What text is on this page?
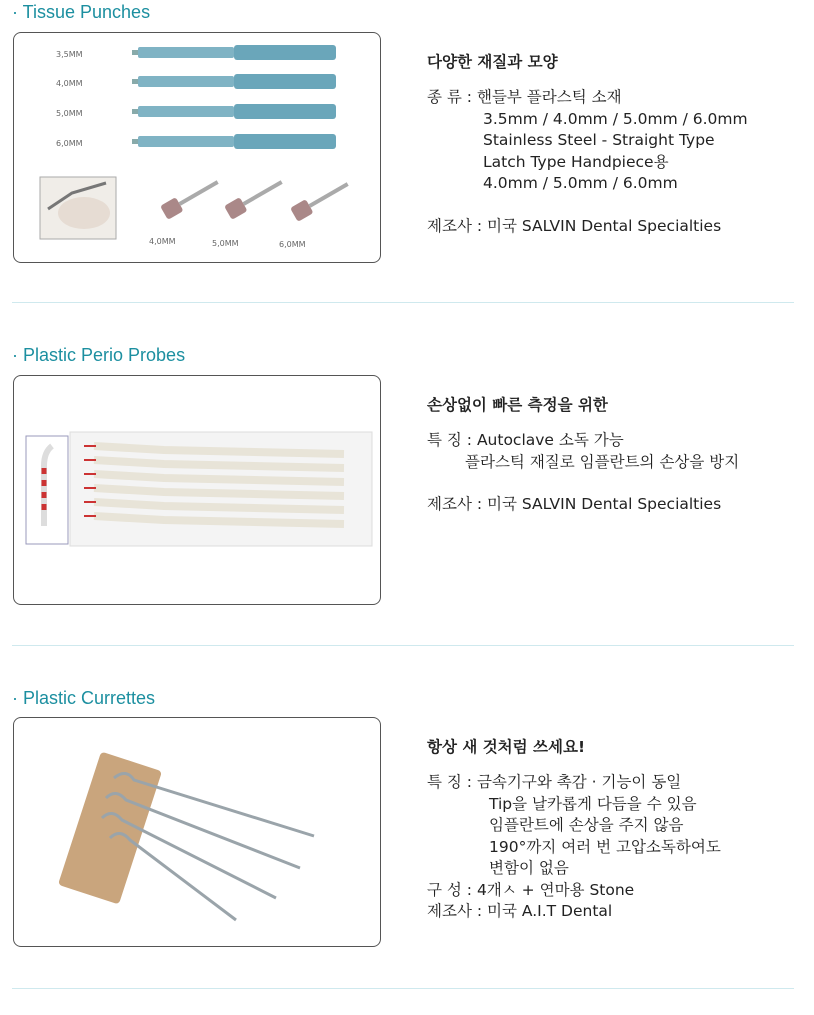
· Tissue Punches
3,5MM
4,0MM
5,0MM
6,0MM
4,0MM	5,0MM	6,0MM

다양한 재질과 모양
종 류 : 핸들부 플라스틱 소재
3.5mm / 4.0mm / 5.0mm / 6.0mm
Stainless Steel - Straight Type
Latch Type Handpiece용
4.0mm / 5.0mm / 6.0mm

제조사 : 미국 SALVIN Dental Specialties
· Plastic Perio Probes

손상없이 빠른 측정을 위한
특 징 : Autoclave 소독 가능
플라스틱 재질로 임플란트의 손상을 방지

제조사 : 미국 SALVIN Dental Specialties
· Plastic Currettes

항상 새 것처럼 쓰세요!
특 징 : 금속기구와 촉감 · 기능이 동일
Tip을 날카롭게 다듬을 수 있음
임플란트에 손상을 주지 않음
190°까지 여러 번 고압소독하여도
변함이 없음
구 성 : 4개ㅅ + 연마용 Stone
제조사 : 미국 A.I.T Dental
